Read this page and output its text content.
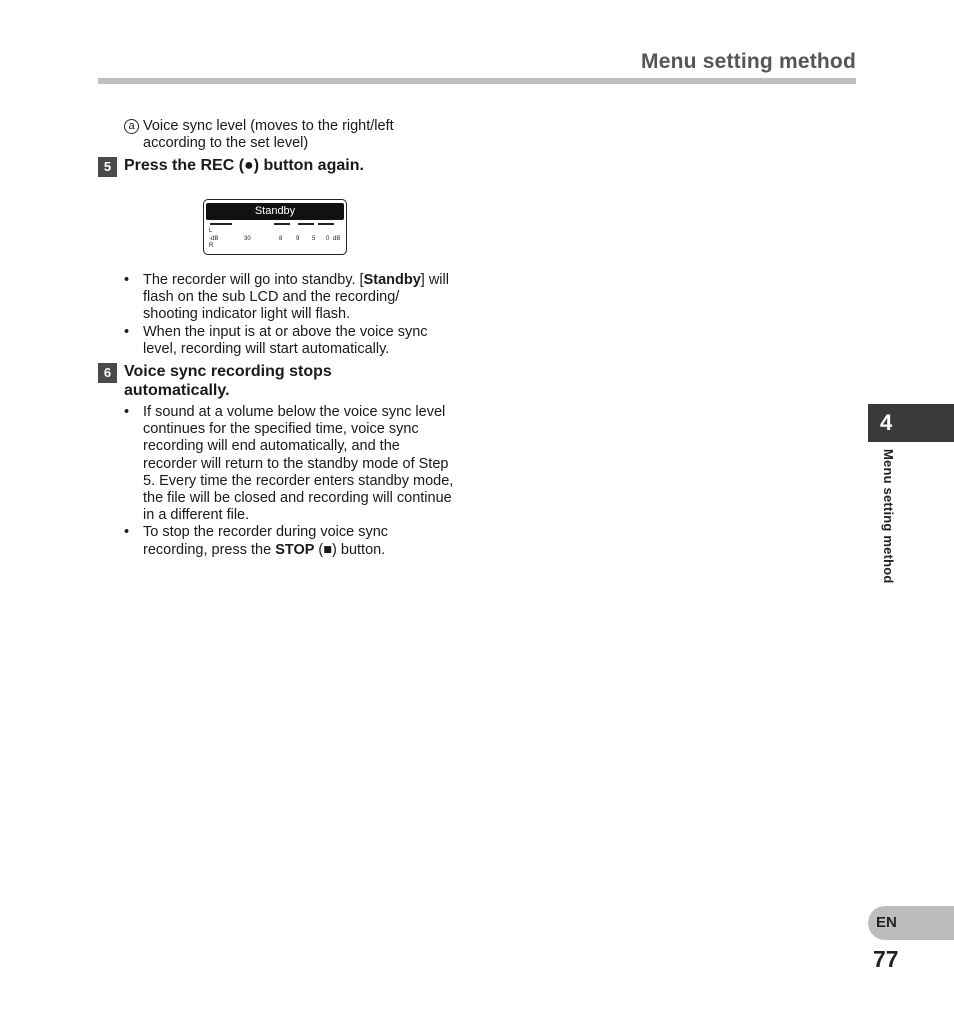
Menu setting method
a Voice sync level (moves to the right/left
according to the set level)
5 Press the REC (●) button again.
Standby
L
-dB	30	8 9 5 0 dB
R
• The recorder will go into standby. [Standby] will flash on the sub LCD and the recording/ shooting indicator light will flash.
• When the input is at or above the voice sync level, recording will start automatically.
6 Voice sync recording stops
automatically.
• If sound at a volume below the voice sync level continues for the specified time, voice sync recording will end automatically, and the recorder will return to the standby mode of Step 5. Every time the recorder enters standby mode, the file will be closed and recording will continue in a different file.
• To stop the recorder during voice sync recording, press the STOP (■) button.
4
Menu setting method
EN
77
